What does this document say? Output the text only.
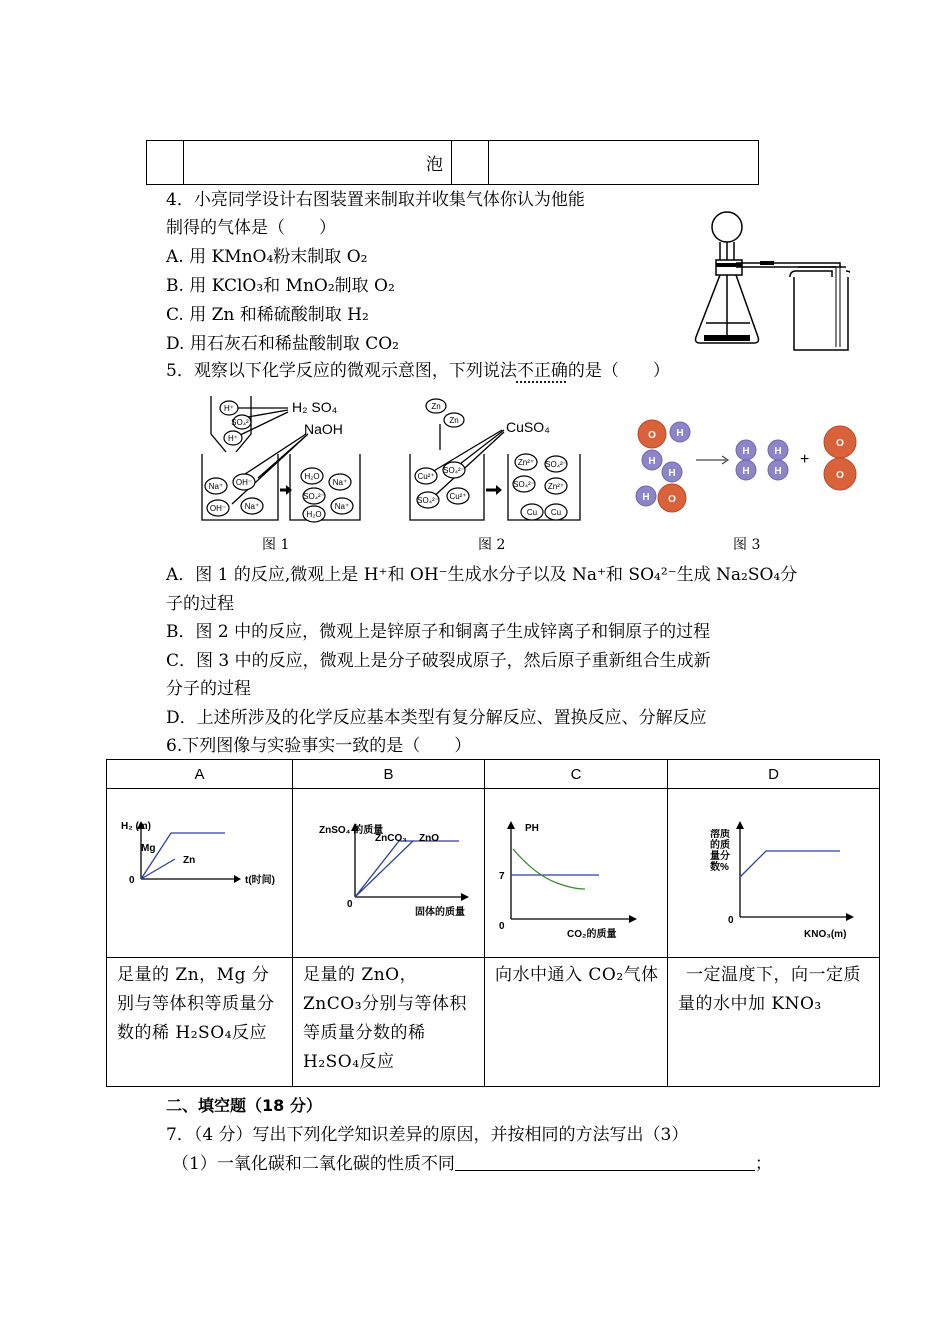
	泡		
4．小亮同学设计右图装置来制取并收集气体你认为他能
制得的气体是（　　）
A. 用 KMnO₄粉末制取 O₂
B. 用 KClO₃和 MnO₂制取 O₂
C. 用 Zn 和稀硫酸制取 H₂
D. 用石灰石和稀盐酸制取 CO₂
5．观察以下化学反应的微观示意图，下列说法不正确的是（　　）
H⁺
SO₄²⁻
H⁺
Na⁺ OH⁻
OH⁻ Na⁺
H₂O
Na⁺
SO₄²⁻
Na⁺
H₂O
H₂ SO₄
NaOH
图 1
Zn
Zn
Cu²⁺
SO₄²⁻
SO₄²⁻ Cu²⁺
Zn²⁺ SO₄²⁻
SO₄²⁻ Zn²⁺
Cu Cu
CuSO₄
图 2
O
O
O
O
H
H
H
H
H H
H H
+
图 3
A．图 1 的反应,微观上是 H⁺和 OH⁻生成水分子以及 Na⁺和 SO₄²⁻生成 Na₂SO₄分
子的过程
B．图 2 中的反应，微观上是锌原子和铜离子生成锌离子和铜原子的过程
C．图 3 中的反应，微观上是分子破裂成原子，然后原子重新组合生成新
分子的过程
D．上述所涉及的化学反应基本类型有复分解反应、置换反应、分解反应
6.下列图像与实验事实一致的是（　　）
A	B	C	D

H₂ (m)
t(时间)
0
Mg
Zn	ZnSO₄ 的质量
ZnCO₃ ZnO
固体的质量
0	PH
7
0
CO₂的质量	溶质的质量分数%
0
KNO₃(m)

足量的 Zn，Mg 分别与等体积等质量分数的稀 H₂SO₄反应	足量的 ZnO，ZnCO₃分别与等体积等质量分数的稀 H₂SO₄反应	向水中通入 CO₂气体	一定温度下，向一定质量的水中加 KNO₃
二、填空题（18 分）
7．（4 分）写出下列化学知识差异的原因，并按相同的方法写出（3）
（1）一氧化碳和二氧化碳的性质不同	；
